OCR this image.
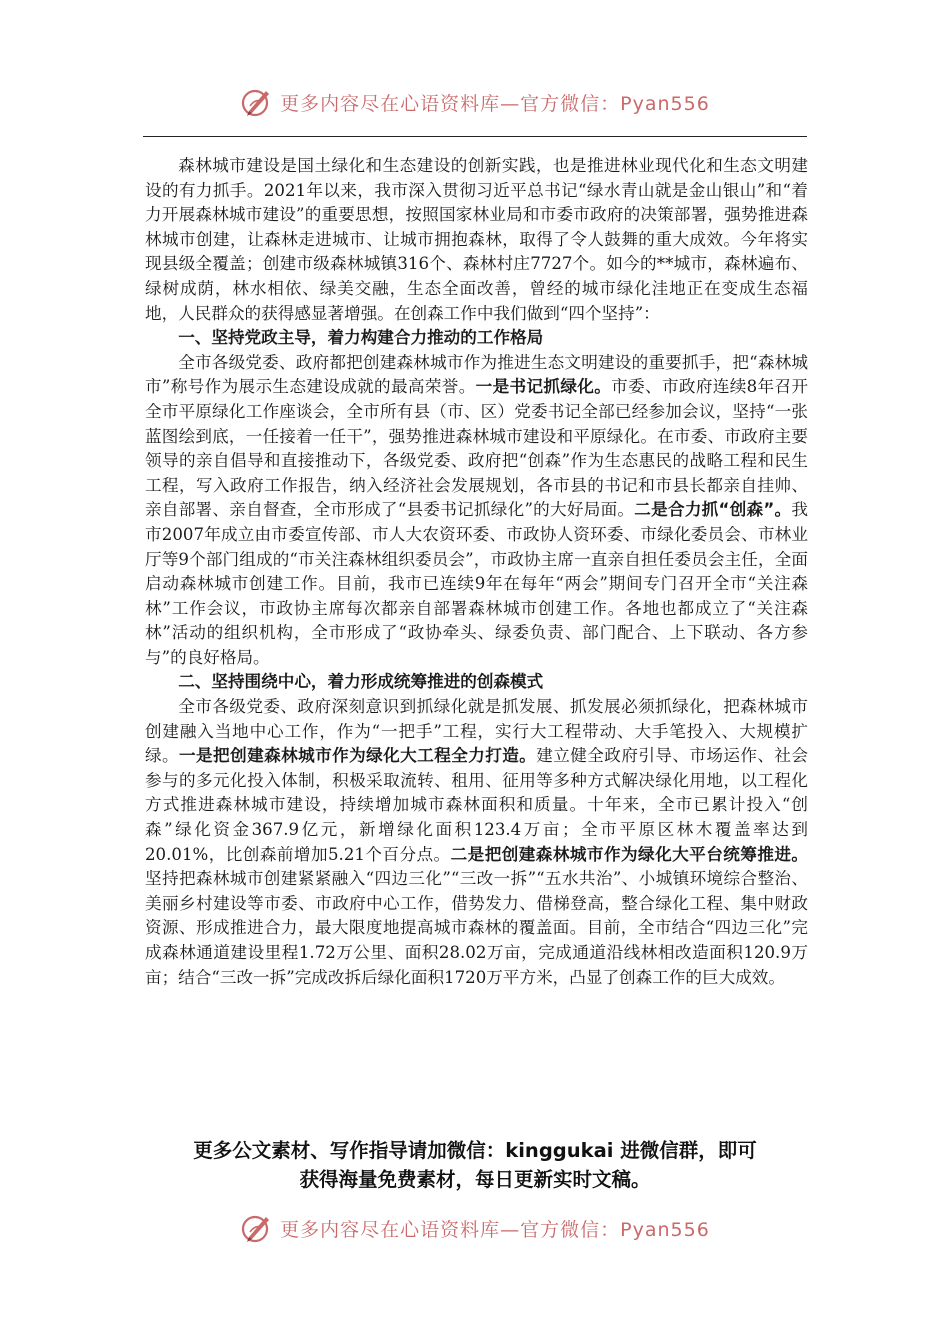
更多内容尽在心语资料库—官方微信：Pyan556

森林城市建设是国土绿化和生态建设的创新实践，也是推进林业现代化和生态文明建设的有力抓手。2021年以来，我市深入贯彻习近平总书记“绿水青山就是金山银山”和“着力开展森林城市建设”的重要思想，按照国家林业局和市委市政府的决策部署，强势推进森林城市创建，让森林走进城市、让城市拥抱森林，取得了令人鼓舞的重大成效。今年将实现县级全覆盖；创建市级森林城镇316个、森林村庄7727个。如今的**城市，森林遍布、绿树成荫，林水相依、绿美交融，生态全面改善，曾经的城市绿化洼地正在变成生态福地，人民群众的获得感显著增强。在创森工作中我们做到“四个坚持”：

一、坚持党政主导，着力构建合力推动的工作格局

全市各级党委、政府都把创建森林城市作为推进生态文明建设的重要抓手，把“森林城市”称号作为展示生态建设成就的最高荣誉。一是书记抓绿化。市委、市政府连续8年召开全市平原绿化工作座谈会，全市所有县（市、区）党委书记全部已经参加会议，坚持“一张蓝图绘到底，一任接着一任干”，强势推进森林城市建设和平原绿化。在市委、市政府主要领导的亲自倡导和直接推动下，各级党委、政府把“创森”作为生态惠民的战略工程和民生工程，写入政府工作报告，纳入经济社会发展规划，各市县的书记和市县长都亲自挂帅、亲自部署、亲自督查，全市形成了“县委书记抓绿化”的大好局面。二是合力抓“创森”。我市2007年成立由市委宣传部、市人大农资环委、市政协人资环委、市绿化委员会、市林业厅等9个部门组成的“市关注森林组织委员会”，市政协主席一直亲自担任委员会主任，全面启动森林城市创建工作。目前，我市已连续9年在每年“两会”期间专门召开全市“关注森林”工作会议，市政协主席每次都亲自部署森林城市创建工作。各地也都成立了“关注森林”活动的组织机构，全市形成了“政协牵头、绿委负责、部门配合、上下联动、各方参与”的良好格局。

二、坚持围绕中心，着力形成统筹推进的创森模式

全市各级党委、政府深刻意识到抓绿化就是抓发展、抓发展必须抓绿化，把森林城市创建融入当地中心工作，作为“一把手”工程，实行大工程带动、大手笔投入、大规模扩绿。一是把创建森林城市作为绿化大工程全力打造。建立健全政府引导、市场运作、社会参与的多元化投入体制，积极采取流转、租用、征用等多种方式解决绿化用地，以工程化方式推进森林城市建设，持续增加城市森林面积和质量。十年来，全市已累计投入“创森”绿化资金367.9亿元，新增绿化面积123.4万亩；全市平原区林木覆盖率达到20.01%，比创森前增加5.21个百分点。二是把创建森林城市作为绿化大平台统筹推进。坚持把森林城市创建紧紧融入“四边三化”“三改一拆”“五水共治”、小城镇环境综合整治、美丽乡村建设等市委、市政府中心工作，借势发力、借梯登高，整合绿化工程、集中财政资源、形成推进合力，最大限度地提高城市森林的覆盖面。目前，全市结合“四边三化”完成森林通道建设里程1.72万公里、面积28.02万亩，完成通道沿线林相改造面积120.9万亩；结合“三改一拆”完成改拆后绿化面积1720万平方米，凸显了创森工作的巨大成效。

更多公文素材、写作指导请加微信：kinggukai 进微信群，即可
获得海量免费素材，每日更新实时文稿。
更多内容尽在心语资料库—官方微信：Pyan556
